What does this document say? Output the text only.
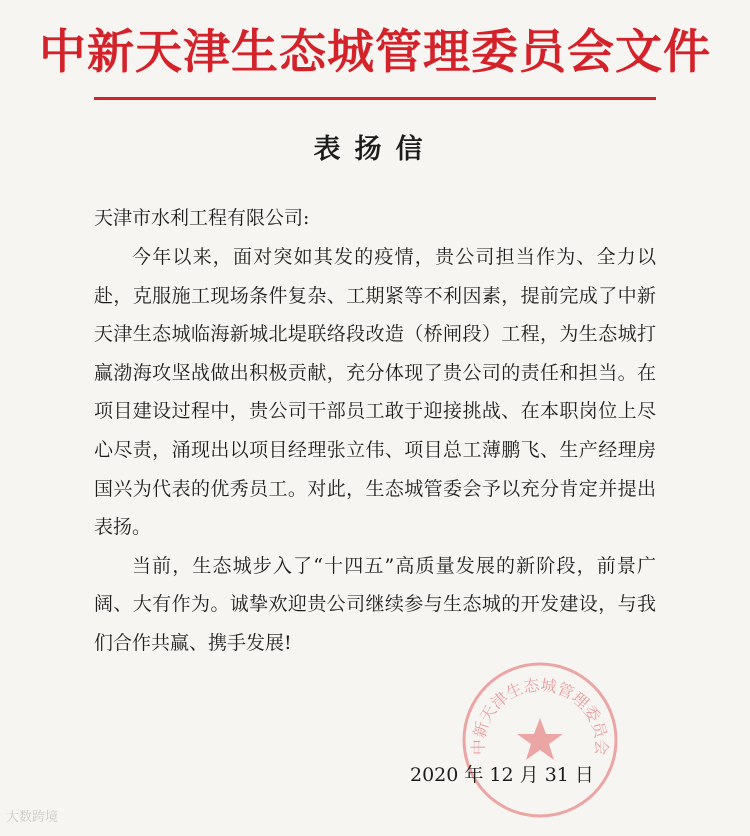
中新天津生态城管理委员会文件
表扬信
天津市水利工程有限公司:

今年以来，面对突如其发的疫情，贵公司担当作为、全力以赴，克服施工现场条件复杂、工期紧等不利因素，提前完成了中新天津生态城临海新城北堤联络段改造（桥闸段）工程，为生态城打赢渤海攻坚战做出积极贡献，充分体现了贵公司的责任和担当。在项目建设过程中，贵公司干部员工敢于迎接挑战、在本职岗位上尽心尽责，涌现出以项目经理张立伟、项目总工薄鹏飞、生产经理房国兴为代表的优秀员工。对此，生态城管委会予以充分肯定并提出表扬。

当前，生态城步入了“十四五”高质量发展的新阶段，前景广阔、大有作为。诚挚欢迎贵公司继续参与生态城的开发建设，与我们合作共赢、携手发展!

中新天津生态城管理委员会
2020 年 12 月 31 日
大数跨境
